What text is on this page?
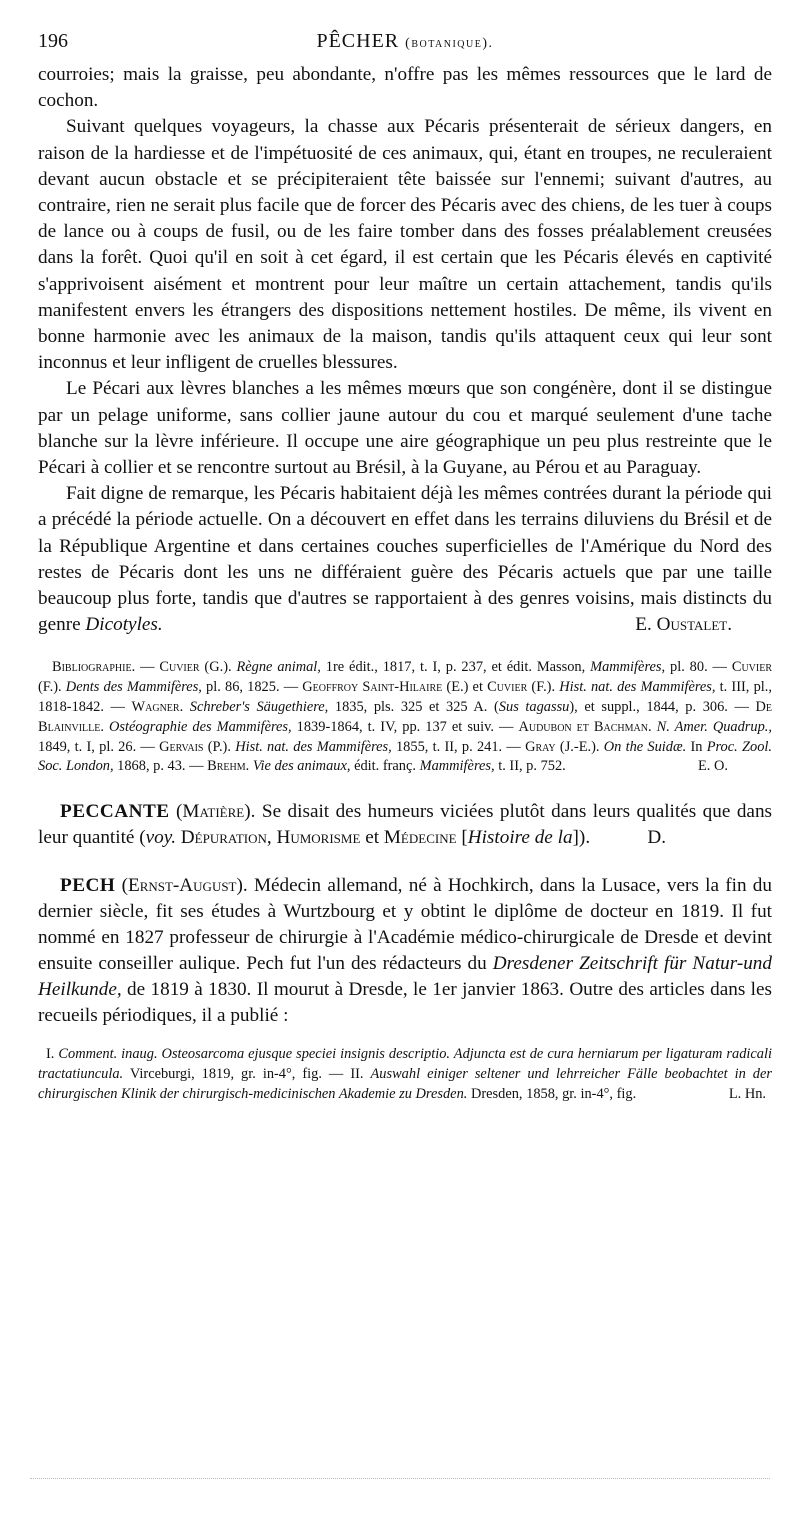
196	PÊCHER (botanique).

courroies; mais la graisse, peu abondante, n'offre pas les mêmes ressources que le lard de cochon.

Suivant quelques voyageurs, la chasse aux Pécaris présenterait de sérieux dangers, en raison de la hardiesse et de l'impétuosité de ces animaux, qui, étant en troupes, ne reculeraient devant aucun obstacle et se précipiteraient tête baissée sur l'ennemi; suivant d'autres, au contraire, rien ne serait plus facile que de forcer des Pécaris avec des chiens, de les tuer à coups de lance ou à coups de fusil, ou de les faire tomber dans des fosses préalablement creusées dans la forêt. Quoi qu'il en soit à cet égard, il est certain que les Pécaris élevés en captivité s'apprivoisent aisément et montrent pour leur maître un certain attachement, tandis qu'ils manifestent envers les étrangers des dispositions nettement hostiles. De même, ils vivent en bonne harmonie avec les animaux de la maison, tandis qu'ils attaquent ceux qui leur sont inconnus et leur infligent de cruelles blessures.

Le Pécari aux lèvres blanches a les mêmes mœurs que son congénère, dont il se distingue par un pelage uniforme, sans collier jaune autour du cou et marqué seulement d'une tache blanche sur la lèvre inférieure. Il occupe une aire géographique un peu plus restreinte que le Pécari à collier et se rencontre surtout au Brésil, à la Guyane, au Pérou et au Paraguay.

Fait digne de remarque, les Pécaris habitaient déjà les mêmes contrées durant la période qui a précédé la période actuelle. On a découvert en effet dans les terrains diluviens du Brésil et de la République Argentine et dans certaines couches superficielles de l'Amérique du Nord des restes de Pécaris dont les uns ne différaient guère des Pécaris actuels que par une taille beaucoup plus forte, tandis que d'autres se rapportaient à des genres voisins, mais distincts du genre Dicotyles.	E. Oustalet.

Bibliographie. — Cuvier (G.). Règne animal, 1re édit., 1817, t. I, p. 237, et édit. Masson, Mammifères, pl. 80. — Cuvier (F.). Dents des Mammifères, pl. 86, 1825. — Geoffroy Saint-Hilaire (E.) et Cuvier (F.). Hist. nat. des Mammifères, t. III, pl., 1818-1842. — Wagner. Schreber's Säugethiere, 1835, pls. 325 et 325 A. (Sus tagassu), et suppl., 1844, p. 306. — De Blainville. Ostéographie des Mammifères, 1839-1864, t. IV, pp. 137 et suiv. — Audubon et Bachman. N. Amer. Quadrup., 1849, t. I, pl. 26. — Gervais (P.). Hist. nat. des Mammifères, 1855, t. II, p. 241. — Gray (J.-E.). On the Suidæ. In Proc. Zool. Soc. London, 1868, p. 43. — Brehm. Vie des animaux, édit. franç. Mammifères, t. II, p. 752.	E. O.
PECCANTE (Matière). Se disait des humeurs viciées plutôt dans leurs qualités que dans leur quantité (voy. Dépuration, Humorisme et Médecine [Histoire de la]).	D.
PECH (Ernst-August). Médecin allemand, né à Hochkirch, dans la Lusace, vers la fin du dernier siècle, fit ses études à Wurtzbourg et y obtint le diplôme de docteur en 1819. Il fut nommé en 1827 professeur de chirurgie à l'Académie médico-chirurgicale de Dresde et devint ensuite conseiller aulique. Pech fut l'un des rédacteurs du Dresdener Zeitschrift für Natur-und Heilkunde, de 1819 à 1830. Il mourut à Dresde, le 1er janvier 1863. Outre des articles dans les recueils périodiques, il a publié :
I. Comment. inaug. Osteosarcoma ejusque speciei insignis descriptio. Adjuncta est de cura herniarum per ligaturam radicali tractatiuncula. Virceburgi, 1819, gr. in-4°, fig. — II. Auswahl einiger seltener und lehrreicher Fälle beobachtet in der chirurgischen Klinik der chirurgisch-medicinischen Akademie zu Dresden. Dresden, 1858, gr. in-4°, fig.	L. Hn.
